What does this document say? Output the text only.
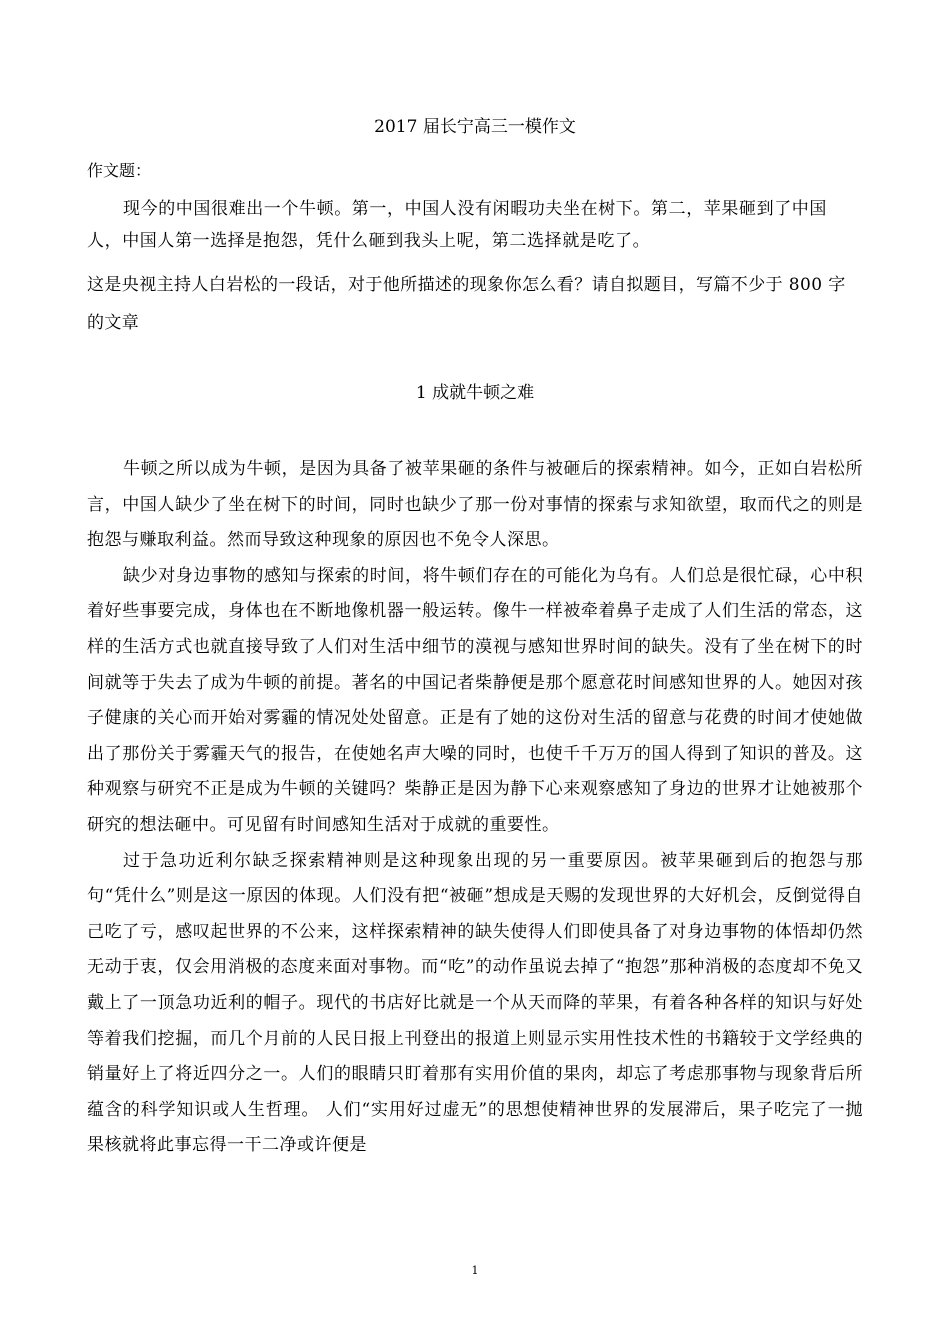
2017 届长宁高三一模作文
作文题：
现今的中国很难出一个牛顿。第一，中国人没有闲暇功夫坐在树下。第二，苹果砸到了中国人，中国人第一选择是抱怨，凭什么砸到我头上呢，第二选择就是吃了。
这是央视主持人白岩松的一段话，对于他所描述的现象你怎么看？请自拟题目，写篇不少于 800 字的文章
1 成就牛顿之难

牛顿之所以成为牛顿，是因为具备了被苹果砸的条件与被砸后的探索精神。如今，正如白岩松所言，中国人缺少了坐在树下的时间，同时也缺少了那一份对事情的探索与求知欲望，取而代之的则是抱怨与赚取利益。然而导致这种现象的原因也不免令人深思。

缺少对身边事物的感知与探索的时间，将牛顿们存在的可能化为乌有。人们总是很忙碌，心中积着好些事要完成，身体也在不断地像机器一般运转。像牛一样被牵着鼻子走成了人们生活的常态，这样的生活方式也就直接导致了人们对生活中细节的漠视与感知世界时间的缺失。没有了坐在树下的时间就等于失去了成为牛顿的前提。著名的中国记者柴静便是那个愿意花时间感知世界的人。她因对孩子健康的关心而开始对雾霾的情况处处留意。正是有了她的这份对生活的留意与花费的时间才使她做出了那份关于雾霾天气的报告，在使她名声大噪的同时，也使千千万万的国人得到了知识的普及。这种观察与研究不正是成为牛顿的关键吗？柴静正是因为静下心来观察感知了身边的世界才让她被那个研究的想法砸中。可见留有时间感知生活对于成就的重要性。

过于急功近利尔缺乏探索精神则是这种现象出现的另一重要原因。被苹果砸到后的抱怨与那句“凭什么”则是这一原因的体现。人们没有把“被砸”想成是天赐的发现世界的大好机会，反倒觉得自己吃了亏，感叹起世界的不公来，这样探索精神的缺失使得人们即使具备了对身边事物的体悟却仍然无动于衷，仅会用消极的态度来面对事物。而“吃”的动作虽说去掉了“抱怨”那种消极的态度却不免又戴上了一顶急功近利的帽子。现代的书店好比就是一个从天而降的苹果，有着各种各样的知识与好处等着我们挖掘，而几个月前的人民日报上刊登出的报道上则显示实用性技术性的书籍较于文学经典的销量好上了将近四分之一。人们的眼睛只盯着那有实用价值的果肉，却忘了考虑那事物与现象背后所蕴含的科学知识或人生哲理。 人们“实用好过虚无”的思想使精神世界的发展滞后，果子吃完了一抛果核就将此事忘得一干二净或许便是

1
